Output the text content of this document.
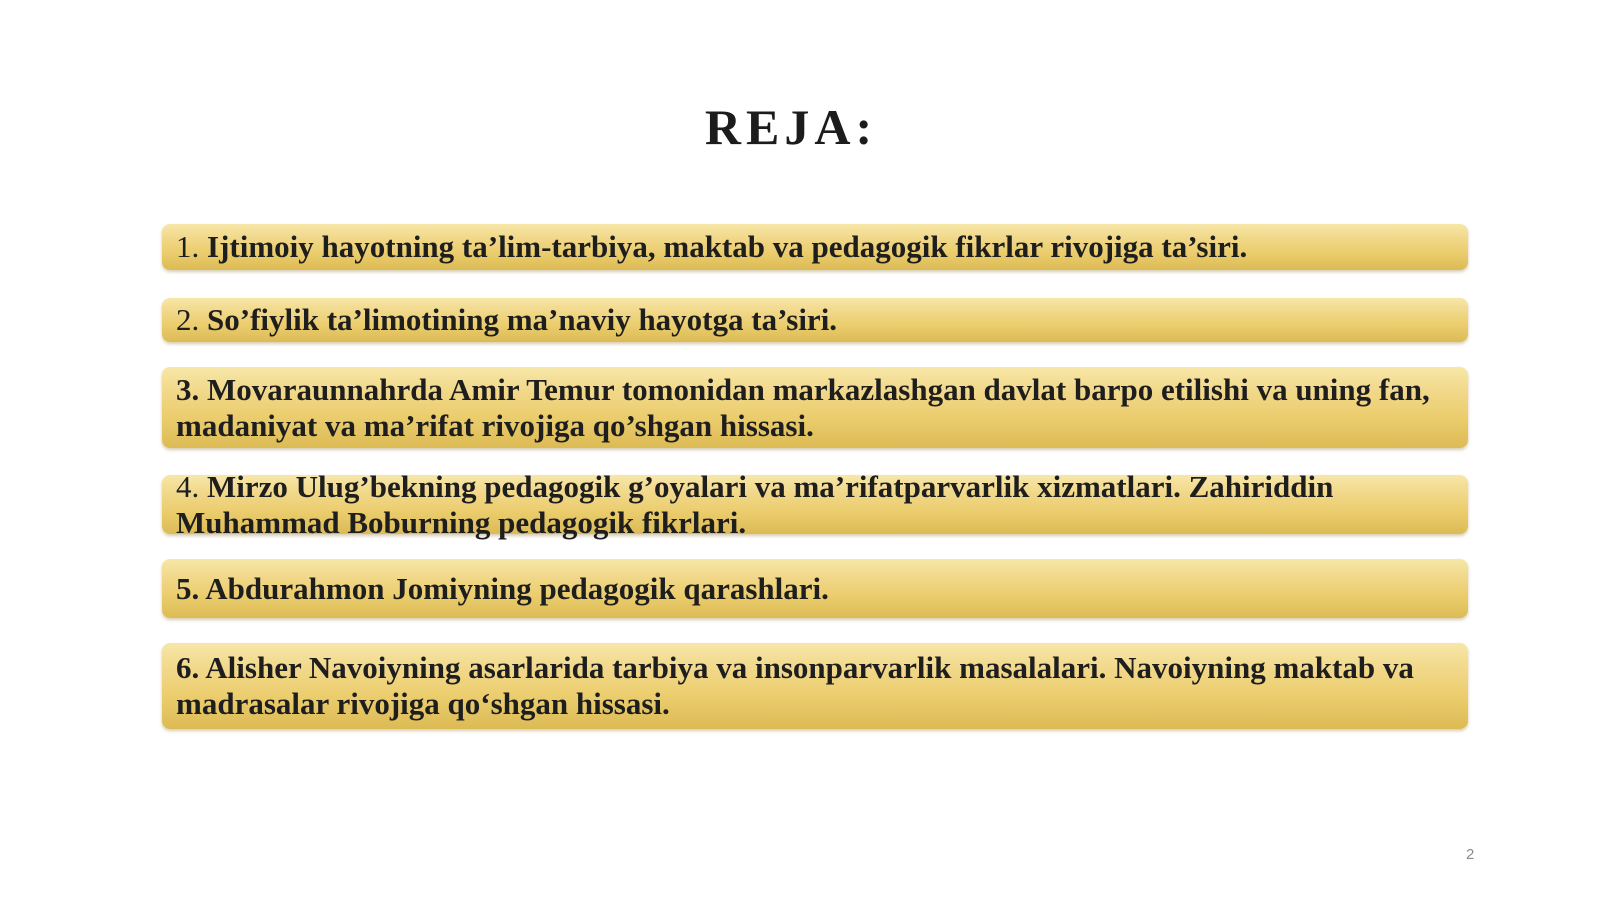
REJA:
1. Ijtimoiy hayotning ta’lim-tarbiya, maktab va pedagogik fikrlar rivojiga ta’siri.
2. So’fiylik ta’limotining ma’naviy hayotga ta’siri.
3. Movaraunnahrda Amir Temur tomonidan markazlashgan davlat barpo etilishi va uning fan, madaniyat va ma’rifat rivojiga qo’shgan hissasi.
4. Mirzo Ulug’bekning pedagogik g’oyalari va ma’rifatparvarlik xizmatlari. Zahiriddin Muhammad Boburning pedagogik fikrlari.
5. Abdurahmon Jomiyning pedagogik qarashlari.
6. Alisher Navoiyning asarlarida tarbiya va insonparvarlik masalalari. Navoiyning maktab va madrasalar rivojiga qo‘shgan hissasi.
2
